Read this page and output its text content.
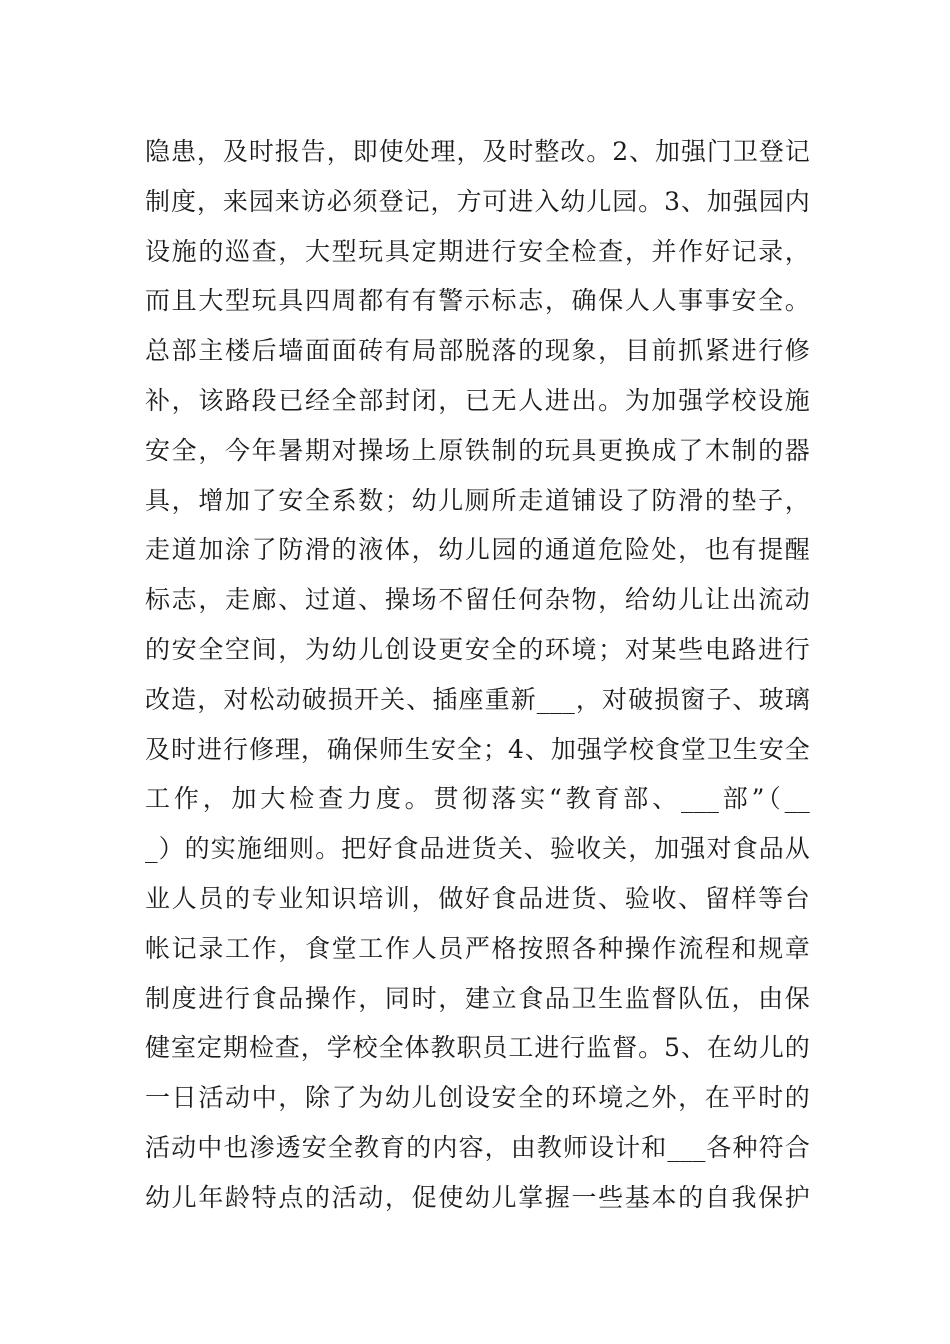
隐患，及时报告，即使处理，及时整改。2、加强门卫登记
制度，来园来访必须登记，方可进入幼儿园。3、加强园内
设施的巡查，大型玩具定期进行安全检查，并作好记录，
而且大型玩具四周都有有警示标志，确保人人事事安全。
总部主楼后墙面面砖有局部脱落的现象，目前抓紧进行修
补，该路段已经全部封闭，已无人进出。为加强学校设施
安全，今年暑期对操场上原铁制的玩具更换成了木制的器
具，增加了安全系数；幼儿厕所走道铺设了防滑的垫子，
走道加涂了防滑的液体，幼儿园的通道危险处，也有提醒
标志，走廊、过道、操场不留任何杂物，给幼儿让出流动
的安全空间，为幼儿创设更安全的环境；对某些电路进行
改造，对松动破损开关、插座重新___，对破损窗子、玻璃
及时进行修理，确保师生安全；4、加强学校食堂卫生安全
工作，加大检查力度。贯彻落实“教育部、___部”（__
_）的实施细则。把好食品进货关、验收关，加强对食品从
业人员的专业知识培训，做好食品进货、验收、留样等台
帐记录工作，食堂工作人员严格按照各种操作流程和规章
制度进行食品操作，同时，建立食品卫生监督队伍，由保
健室定期检查，学校全体教职员工进行监督。5、在幼儿的
一日活动中，除了为幼儿创设安全的环境之外，在平时的
活动中也渗透安全教育的内容，由教师设计和___各种符合
幼儿年龄特点的活动，促使幼儿掌握一些基本的自我保护
